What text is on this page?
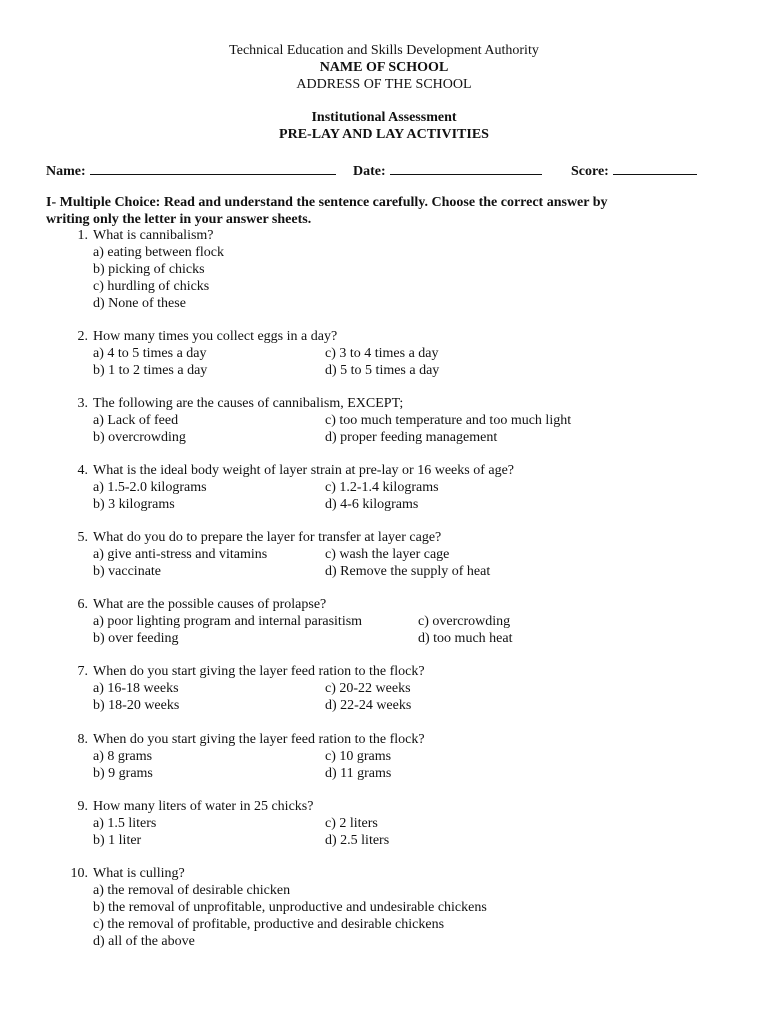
Technical Education and Skills Development Authority
NAME OF SCHOOL
ADDRESS OF THE SCHOOL
Institutional Assessment
PRE-LAY AND LAY ACTIVITIES
Name:	Date:	Score:
I- Multiple Choice: Read and understand the sentence carefully. Choose the correct answer by
writing only the letter in your answer sheets.
1. What is cannibalism?
a) eating between flock
b) picking of chicks
c) hurdling of chicks
d) None of these
2. How many times you collect eggs in a day?
a) 4 to 5 times a day	c) 3 to 4 times a day
b) 1 to 2 times a day	d) 5 to 5 times a day
3. The following are the causes of cannibalism, EXCEPT;
a) Lack of feed	c) too much temperature and too much light
b) overcrowding	d) proper feeding management
4. What is the ideal body weight of layer strain at pre-lay or 16 weeks of age?
a) 1.5-2.0 kilograms	c) 1.2-1.4 kilograms
b) 3 kilograms	d) 4-6 kilograms
5. What do you do to prepare the layer for transfer at layer cage?
a) give anti-stress and vitamins	c) wash the layer cage
b) vaccinate	d) Remove the supply of heat
6. What are the possible causes of prolapse?
a) poor lighting program and internal parasitism	c) overcrowding
b) over feeding	d) too much heat
7. When do you start giving the layer feed ration to the flock?
a) 16-18 weeks	c) 20-22 weeks
b) 18-20 weeks	d) 22-24 weeks
8. When do you start giving the layer feed ration to the flock?
a) 8 grams	c) 10 grams
b) 9 grams	d) 11 grams
9. How many liters of water in 25 chicks?
a) 1.5 liters	c) 2 liters
b) 1 liter	d) 2.5 liters
10. What is culling?
a) the removal of desirable chicken
b) the removal of unprofitable, unproductive and undesirable chickens
c) the removal of profitable, productive and desirable chickens
d) all of the above
